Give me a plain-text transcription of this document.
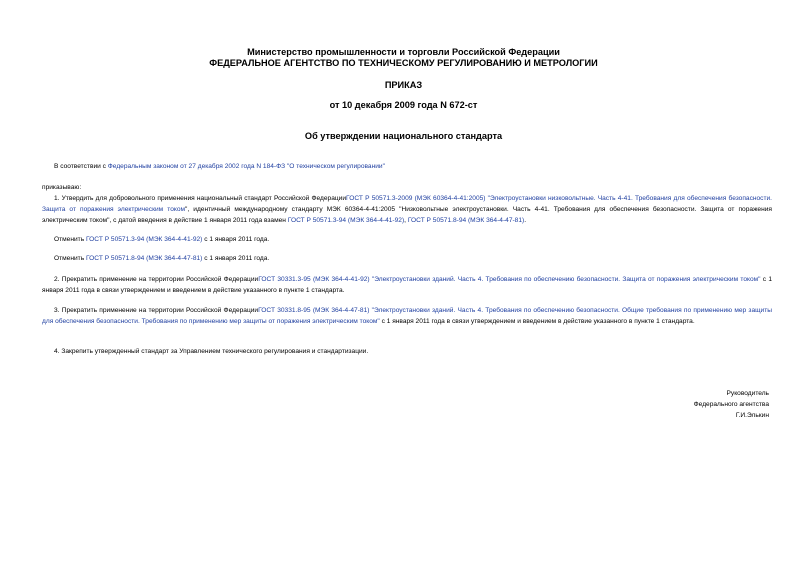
Министерство промышленности и торговли Российской Федерации
ФЕДЕРАЛЬНОЕ АГЕНТСТВО ПО ТЕХНИЧЕСКОМУ РЕГУЛИРОВАНИЮ И МЕТРОЛОГИИ
ПРИКАЗ
от 10 декабря 2009 года N 672-ст
Об утверждении национального стандарта
В соответствии с Федеральным законом от 27 декабря 2002 года N 184-ФЗ "О техническом регулировании"
приказываю:
1. Утвердить для добровольного применения национальный стандарт Российской ФедерацииГОСТ Р 50571.3-2009 (МЭК 60364-4-41:2005) "Электроустановки низковольтные. Часть 4-41. Требования для обеспечения безопасности. Защита от поражения электрическим током", идентичный международному стандарту МЭК 60364-4-41:2005 "Низковольтные электроустановки. Часть 4-41. Требования для обеспечения безопасности. Защита от поражения электрическим током", с датой введения в действие 1 января 2011 года взамен ГОСТ Р 50571.3-94 (МЭК 364-4-41-92), ГОСТ Р 50571.8-94 (МЭК 364-4-47-81).
Отменить ГОСТ Р 50571.3-94 (МЭК 364-4-41-92) с 1 января 2011 года.
Отменить ГОСТ Р 50571.8-94 (МЭК 364-4-47-81) с 1 января 2011 года.
2. Прекратить применение на территории Российской ФедерацииГОСТ 30331.3-95 (МЭК 364-4-41-92) "Электроустановки зданий. Часть 4. Требования по обеспечению безопасности. Защита от поражения электрическим током" с 1 января 2011 года в связи утверждением и введением в действие указанного в пункте 1 стандарта.
3. Прекратить применение на территории Российской ФедерацииГОСТ 30331.8-95 (МЭК 364-4-47-81) "Электроустановки зданий. Часть 4. Требования по обеспечению безопасности. Общие требования по применению мер защиты для обеспечения безопасности. Требования по применению мер защиты от поражения электрическим током" с 1 января 2011 года в связи утверждением и введением в действие указанного в пункте 1 стандарта.
4. Закрепить утвержденный стандарт за Управлением технического регулирования и стандартизации.
Руководитель
Федерального агентства
Г.И.Элькин
